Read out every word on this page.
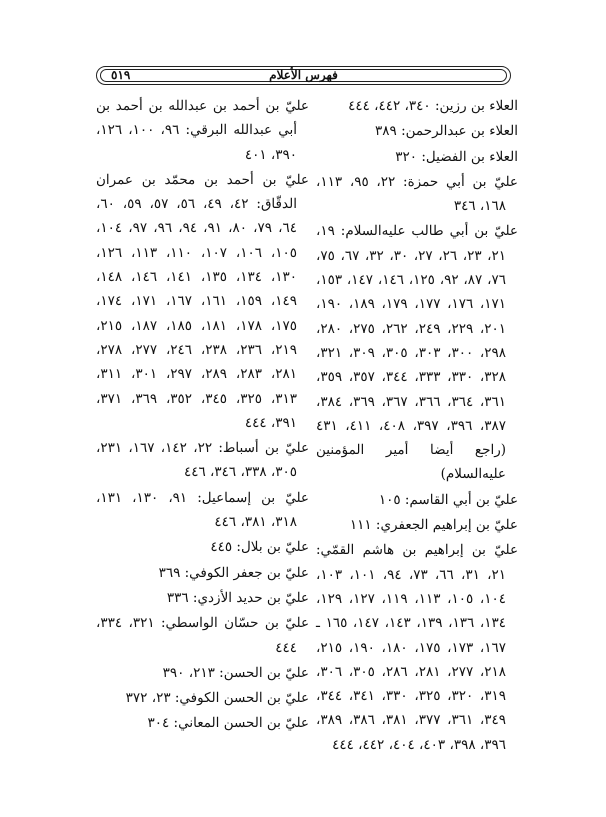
فهرس الأعلام
٥١٩

العلاء بن رزين: ٣٤٠، ٤٤٢، ٤٤٤

العلاء بن عبدالرحمن: ٣٨٩

العلاء بن الفضيل: ٣٢٠

عليّ بن أبي حمزة: ٢٢، ٩٥، ١١٣، ١٦٨، ٣٤٦

عليّ بن أبي طالب عليه‌السلام: ١٩، ٢١، ٢٣، ٢٦، ٢٧، ٣٠، ٣٢، ٦٧، ٧٥، ٧٦، ٨٧، ٩٢، ١٢٥، ١٤٦، ١٤٧، ١٥٣، ١٧١، ١٧٦، ١٧٧، ١٧٩، ١٨٩، ١٩٠، ٢٠١، ٢٢٩، ٢٤٩، ٢٦٢، ٢٧٥، ٢٨٠، ٢٩٨، ٣٠٠، ٣٠٣، ٣٠٥، ٣٠٩، ٣٢١، ٣٢٨، ٣٣٠، ٣٣٣، ٣٤٤، ٣٥٧، ٣٥٩، ٣٦١، ٣٦٤، ٣٦٦، ٣٦٧، ٣٦٩، ٣٨٤، ٣٨٧، ٣٩٦، ٣٩٧، ٤٠٨، ٤١١، ٤٣١ (راجع أيضا أمير المؤمنين عليه‌السلام)

عليّ بن أبي القاسم: ١٠٥

عليّ بن إبراهيم الجعفري: ١١١

عليّ بن إبراهيم بن هاشم القمّي: ٢١، ٣١، ٦٦، ٧٣، ٩٤، ١٠١، ١٠٣، ١٠٤، ١٠٥، ١١٣، ١١٩، ١٢٧، ١٢٩، ١٣٤، ١٣٦، ١٣٩، ١٤٣، ١٤٧، ١٦٥ ـ ١٦٧، ١٧٣، ١٧٥، ١٨٠، ١٩٠، ٢١٥، ٢١٨، ٢٧٧، ٢٨١، ٢٨٦، ٣٠٥، ٣٠٦، ٣١٩، ٣٢٠، ٣٢٥، ٣٣٠، ٣٤١، ٣٤٤، ٣٤٩، ٣٦١، ٣٧٧، ٣٨١، ٣٨٦، ٣٨٩، ٣٩٦، ٣٩٨، ٤٠٣، ٤٠٤، ٤٤٢، ٤٤٤

عليّ بن أحمد بن عبدالله بن أحمد بن أبي عبدالله البرقي: ٩٦، ١٠٠، ١٢٦، ٣٩٠، ٤٠١

عليّ بن أحمد بن محمّد بن عمران الدقّاق: ٤٢، ٤٩، ٥٦، ٥٧، ٥٩، ٦٠، ٦٤، ٧٩، ٨٠، ٩١، ٩٤، ٩٦، ٩٧، ١٠٤، ١٠٥، ١٠٦، ١٠٧، ١١٠، ١١٣، ١٢٦، ١٣٠، ١٣٤، ١٣٥، ١٤١، ١٤٦، ١٤٨، ١٤٩، ١٥٩، ١٦١، ١٦٧، ١٧١، ١٧٤، ١٧٥، ١٧٨، ١٨١، ١٨٥، ١٨٧، ٢١٥، ٢١٩، ٢٣٦، ٢٣٨، ٢٤٦، ٢٧٧، ٢٧٨، ٢٨١، ٢٨٣، ٢٨٩، ٢٩٧، ٣٠١، ٣١١، ٣١٣، ٣٢٥، ٣٤٥، ٣٥٢، ٣٦٩، ٣٧١، ٣٩١، ٤٤٤

عليّ بن أسباط: ٢٢، ١٤٢، ١٦٧، ٢٣١، ٣٠٥، ٣٣٨، ٣٤٦، ٤٤٦

عليّ بن إسماعيل: ٩١، ١٣٠، ١٣١، ٣١٨، ٣٨١، ٤٤٦

عليّ بن بلال: ٤٤٥

عليّ بن جعفر الكوفي: ٣٦٩

عليّ بن حديد الأزدي: ٣٣٦

عليّ بن حسّان الواسطي: ٣٢١، ٣٣٤، ٤٤٤

عليّ بن الحسن: ٢١٣، ٣٩٠

عليّ بن الحسن الكوفي: ٢٣، ٣٧٢

عليّ بن الحسن المعاني: ٣٠٤
